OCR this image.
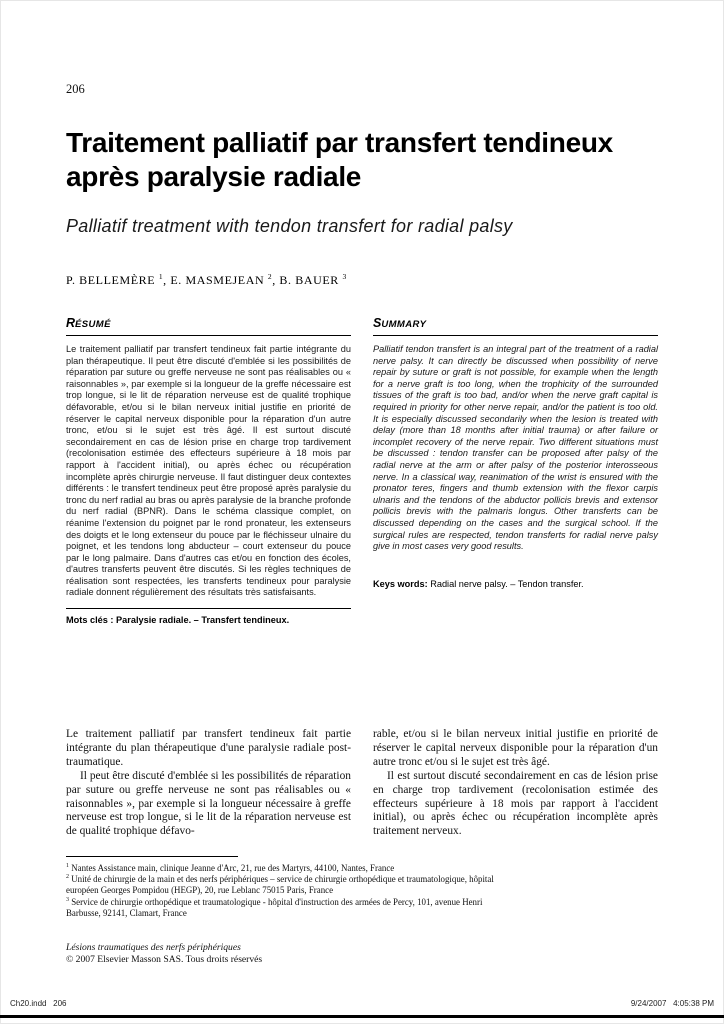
206
Traitement palliatif par transfert tendineux après paralysie radiale
Palliatif treatment with tendon transfert for radial palsy
P. BELLEMÈRE $^1$, E. MASMEJEAN $^2$, B. BAUER $^3$
RÉSUMÉ

Le traitement palliatif par transfert tendineux fait partie intégrante du plan thérapeutique. Il peut être discuté d'emblée si les possibilités de réparation par suture ou greffe nerveuse ne sont pas réalisables ou « raisonnables », par exemple si la longueur de la greffe nécessaire est trop longue, si le lit de réparation nerveuse est de qualité trophique défavorable, et/ou si le bilan nerveux initial justifie en priorité de réserver le capital nerveux disponible pour la réparation d'un autre tronc, et/ou si le sujet est très âgé. Il est surtout discuté secondairement en cas de lésion prise en charge trop tardivement (recolonisation estimée des effecteurs supérieure à 18 mois par rapport à l'accident initial), ou après échec ou récupération incomplète après chirurgie nerveuse. Il faut distinguer deux contextes différents : le transfert tendineux peut être proposé après paralysie du tronc du nerf radial au bras ou après paralysie de la branche profonde du nerf radial (BPNR). Dans le schéma classique complet, on réanime l'extension du poignet par le rond pronateur, les extenseurs des doigts et le long extenseur du pouce par le fléchisseur ulnaire du poignet, et les tendons long abducteur – court extenseur du pouce par le long palmaire. Dans d'autres cas et/ou en fonction des écoles, d'autres transferts peuvent être discutés. Si les règles techniques de réalisation sont respectées, les transferts tendineux pour paralysie radiale donnent régulièrement des résultats très satisfaisants.

Mots clés : Paralysie radiale. – Transfert tendineux.

SUMMARY

Palliatif tendon transfert is an integral part of the treatment of a radial nerve palsy. It can directly be discussed when possibility of nerve repair by suture or graft is not possible, for example when the length for a nerve graft is too long, when the trophicity of the surrounded tissues of the graft is too bad, and/or when the nerve graft capital is required in priority for other nerve repair, and/or the patient is too old. It is especially discussed secondarily when the lesion is treated with delay (more than 18 months after initial trauma) or after failure or incomplet recovery of the nerve repair. Two different situations must be discussed : tendon transfer can be proposed after palsy of the radial nerve at the arm or after palsy of the posterior interosseous nerve. In a classical way, reanimation of the wrist is ensured with the pronator teres, fingers and thumb extension with the flexor carpis ulnaris and the tendons of the abductor pollicis brevis and extensor pollicis brevis with the palmaris longus. Other transferts can be discussed depending on the cases and the surgical school. If the surgical rules are respected, tendon transferts for radial nerve palsy give in most cases very good results.

Keys words: Radial nerve palsy. – Tendon transfer.

Le traitement palliatif par transfert tendineux fait partie intégrante du plan thérapeutique d'une paralysie radiale post-traumatique.

Il peut être discuté d'emblée si les possibilités de réparation par suture ou greffe nerveuse ne sont pas réalisables ou « raisonnables », par exemple si la longueur nécessaire à greffe nerveuse est trop longue, si le lit de la réparation nerveuse est de qualité trophique défavo-

rable, et/ou si le bilan nerveux initial justifie en priorité de réserver le capital nerveux disponible pour la réparation d'un autre tronc et/ou si le sujet est très âgé.

Il est surtout discuté secondairement en cas de lésion prise en charge trop tardivement (recolonisation estimée des effecteurs supérieure à 18 mois par rapport à l'accident initial), ou après échec ou récupération incomplète après traitement nerveux.

$^1$ Nantes Assistance main, clinique Jeanne d'Arc, 21, rue des Martyrs, 44100, Nantes, France

$^2$ Unité de chirurgie de la main et des nerfs périphériques – service de chirurgie orthopédique et traumatologique, hôpital européen Georges Pompidou (HEGP), 20, rue Leblanc 75015 Paris, France

$^3$ Service de chirurgie orthopédique et traumatologique - hôpital d'instruction des armées de Percy, 101, avenue Henri Barbusse, 92141, Clamart, France

Lésions traumatiques des nerfs périphériques

© 2007 Elsevier Masson SAS. Tous droits réservés

Ch20.indd   206	9/24/2007   4:05:38 PM
